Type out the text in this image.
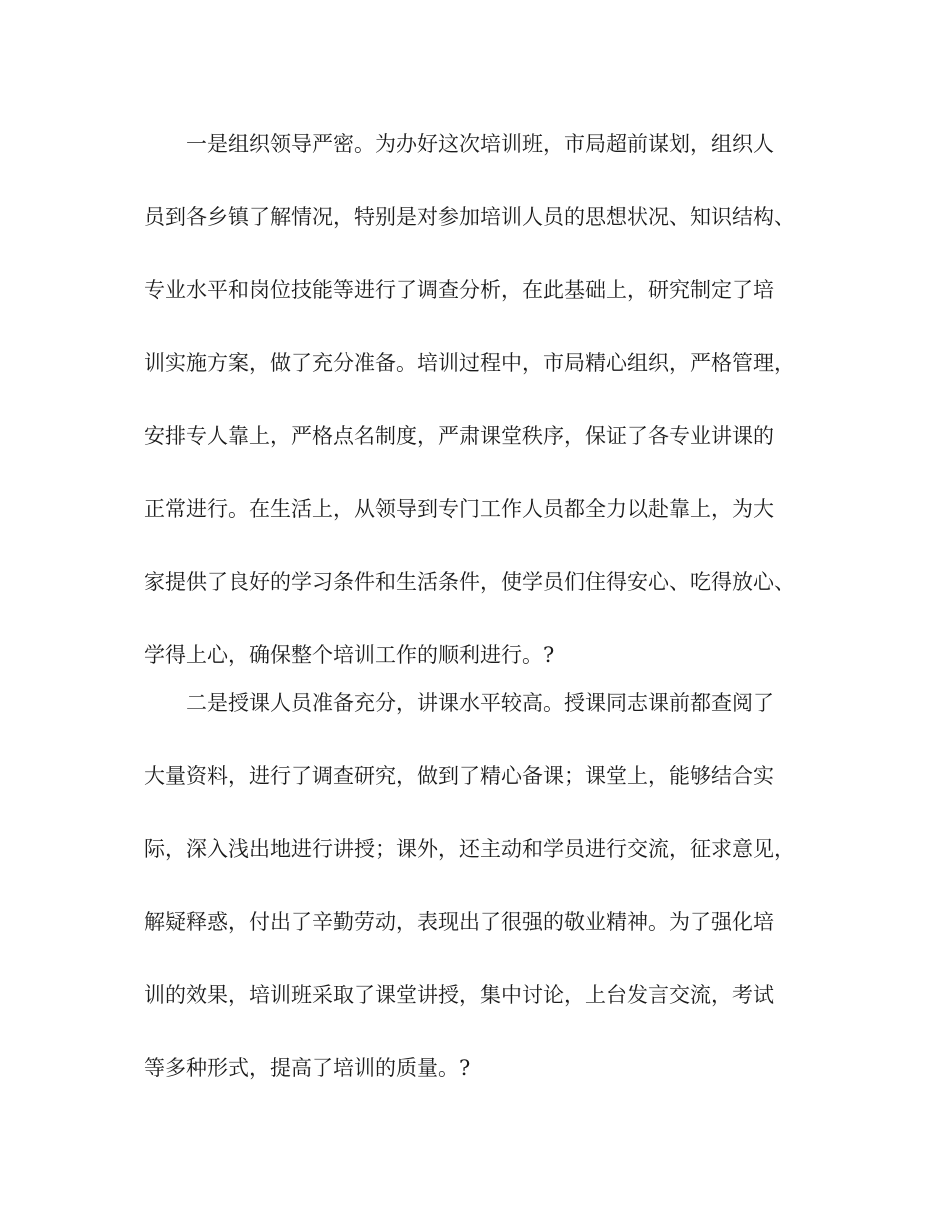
一是组织领导严密。为办好这次培训班，市局超前谋划，组织人
员到各乡镇了解情况，特别是对参加培训人员的思想状况、知识结构、
专业水平和岗位技能等进行了调查分析，在此基础上，研究制定了培
训实施方案，做了充分准备。培训过程中，市局精心组织，严格管理，
安排专人靠上，严格点名制度，严肃课堂秩序，保证了各专业讲课的
正常进行。在生活上，从领导到专门工作人员都全力以赴靠上，为大
家提供了良好的学习条件和生活条件，使学员们住得安心、吃得放心、
学得上心，确保整个培训工作的顺利进行。?
二是授课人员准备充分，讲课水平较高。授课同志课前都查阅了
大量资料，进行了调查研究，做到了精心备课；课堂上，能够结合实
际，深入浅出地进行讲授；课外，还主动和学员进行交流，征求意见，
解疑释惑，付出了辛勤劳动，表现出了很强的敬业精神。为了强化培
训的效果，培训班采取了课堂讲授，集中讨论，上台发言交流，考试
等多种形式，提高了培训的质量。?
